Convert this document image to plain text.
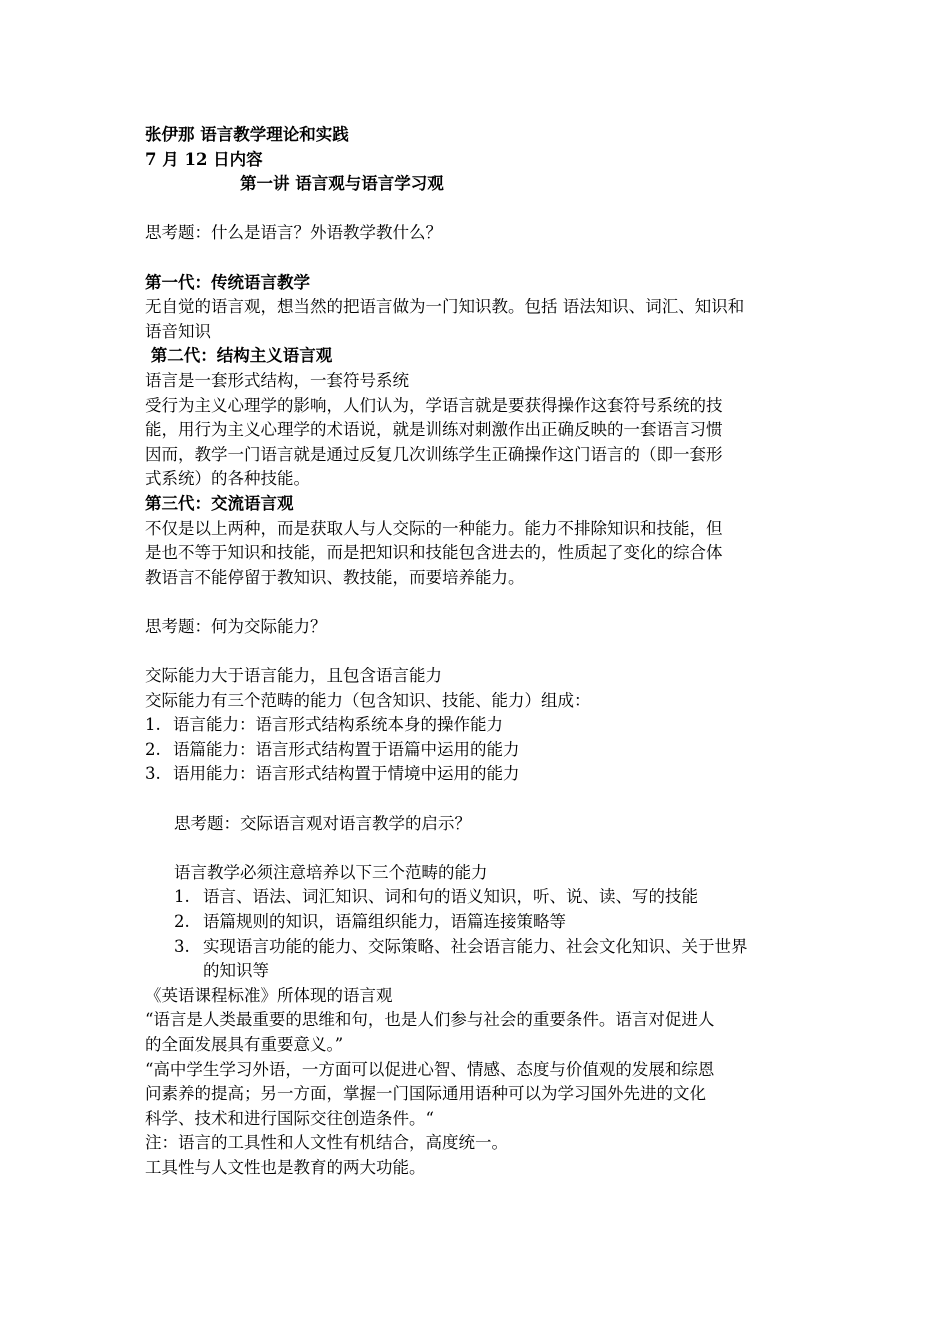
张伊那 语言教学理论和实践
7 月 12 日内容
第一讲 语言观与语言学习观
思考题：什么是语言？外语教学教什么？
第一代：传统语言教学
无自觉的语言观，想当然的把语言做为一门知识教。包括 语法知识、词汇、知识和
语音知识
第二代：结构主义语言观
语言是一套形式结构，一套符号系统
受行为主义心理学的影响，人们认为，学语言就是要获得操作这套符号系统的技
能，用行为主义心理学的术语说，就是训练对刺激作出正确反映的一套语言习惯
因而，教学一门语言就是通过反复几次训练学生正确操作这门语言的（即一套形
式系统）的各种技能。
第三代：交流语言观
不仅是以上两种，而是获取人与人交际的一种能力。能力不排除知识和技能，但
是也不等于知识和技能，而是把知识和技能包含进去的，性质起了变化的综合体
教语言不能停留于教知识、教技能，而要培养能力。
思考题：何为交际能力？
交际能力大于语言能力，且包含语言能力
交际能力有三个范畴的能力（包含知识、技能、能力）组成：
1. 语言能力：语言形式结构系统本身的操作能力
2. 语篇能力：语言形式结构置于语篇中运用的能力
3. 语用能力：语言形式结构置于情境中运用的能力
思考题：交际语言观对语言教学的启示？
语言教学必须注意培养以下三个范畴的能力
1. 语言、语法、词汇知识、词和句的语义知识，听、说、读、写的技能
2. 语篇规则的知识，语篇组织能力，语篇连接策略等
3. 实现语言功能的能力、交际策略、社会语言能力、社会文化知识、关于世界
的知识等
《英语课程标准》所体现的语言观
“语言是人类最重要的思维和句，也是人们参与社会的重要条件。语言对促进人
的全面发展具有重要意义。”
“高中学生学习外语，一方面可以促进心智、情感、态度与价值观的发展和综恩
问素养的提高；另一方面，掌握一门国际通用语种可以为学习国外先进的文化
科学、技术和进行国际交往创造条件。“
注：语言的工具性和人文性有机结合，高度统一。
工具性与人文性也是教育的两大功能。
